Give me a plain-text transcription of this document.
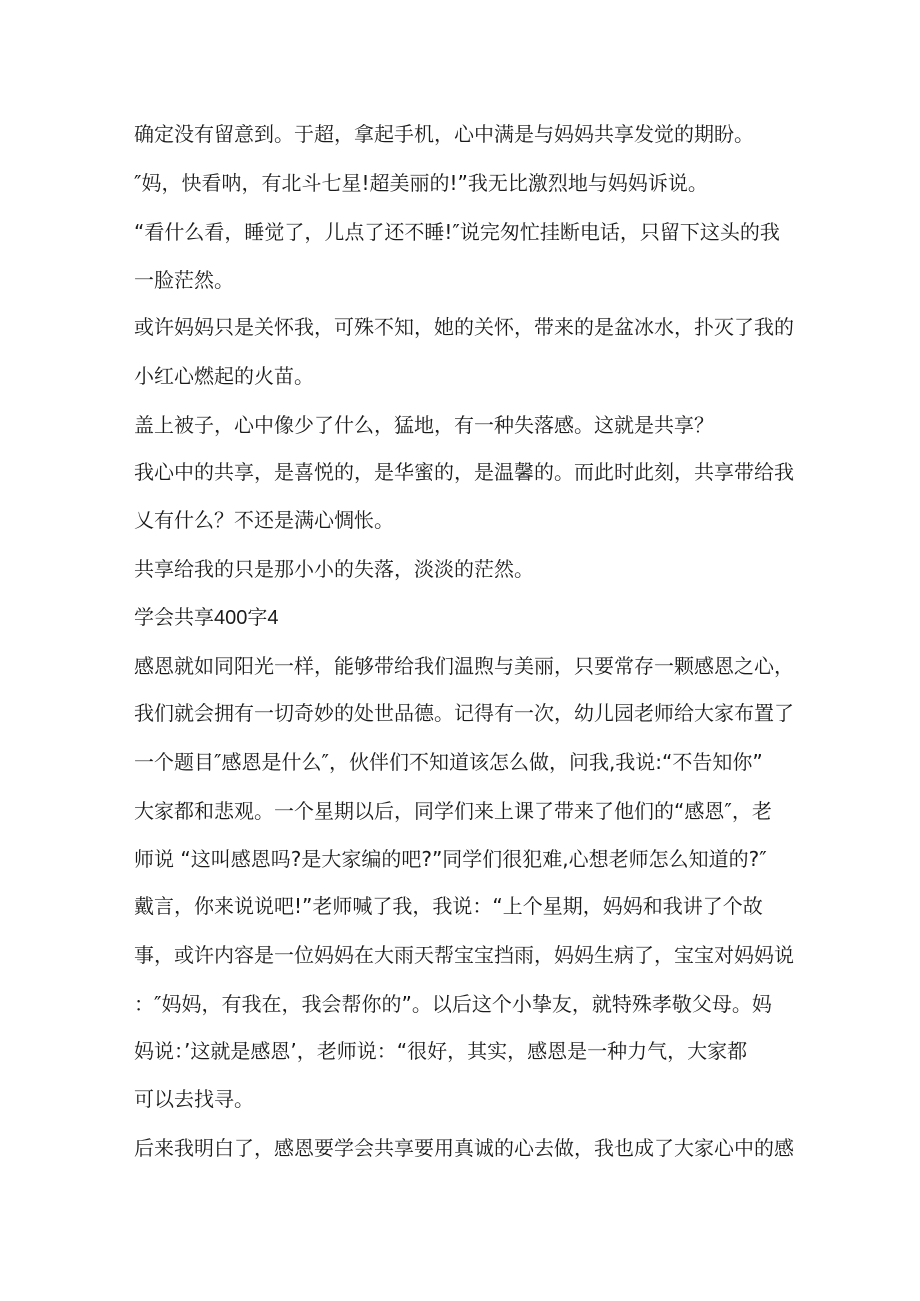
确定没有留意到。于超，拿起手机，心中满是与妈妈共享发觉的期盼。
″妈，快看呐，有北斗七星!超美丽的!”我无比激烈地与妈妈诉说。
“看什么看，睡觉了，儿点了还不睡!″说完匆忙挂断电话，只留下这头的我
一脸茫然。
或许妈妈只是关怀我，可殊不知，她的关怀，带来的是盆冰水，扑灭了我的
小红心燃起的火苗。
盖上被子，心中像少了什么，猛地，有一种失落感。这就是共享？
我心中的共享，是喜悦的，是华蜜的，是温馨的。而此时此刻，共享带给我
乂有什么？不还是满心惆怅。
共享给我的只是那小小的失落，淡淡的茫然。
学会共享400字4
感恩就如同阳光一样，能够带给我们温煦与美丽，只要常存一颗感恩之心，
我们就会拥有一切奇妙的处世品德。记得有一次，幼儿园老师给大家布置了
一个题目″感恩是什么″，伙伴们不知道该怎么做，问我,我说:“不告知你”
大家都和悲观。一个星期以后，同学们来上课了带来了他们的“感恩″，老
师说 “这叫感恩吗?是大家编的吧?”同学们很犯难,心想老师怎么知道的?″
戴言，你来说说吧!”老师喊了我，我说：“上个星期，妈妈和我讲了个故
事，或许内容是一位妈妈在大雨天帮宝宝挡雨，妈妈生病了，宝宝对妈妈说
：″妈妈，有我在，我会帮你的”。以后这个小挚友，就特殊孝敬父母。妈
妈说：’这就是感恩’，老师说：“很好，其实，感恩是一种力气，大家都
可以去找寻。
后来我明白了，感恩要学会共享要用真诚的心去做，我也成了大家心中的感
